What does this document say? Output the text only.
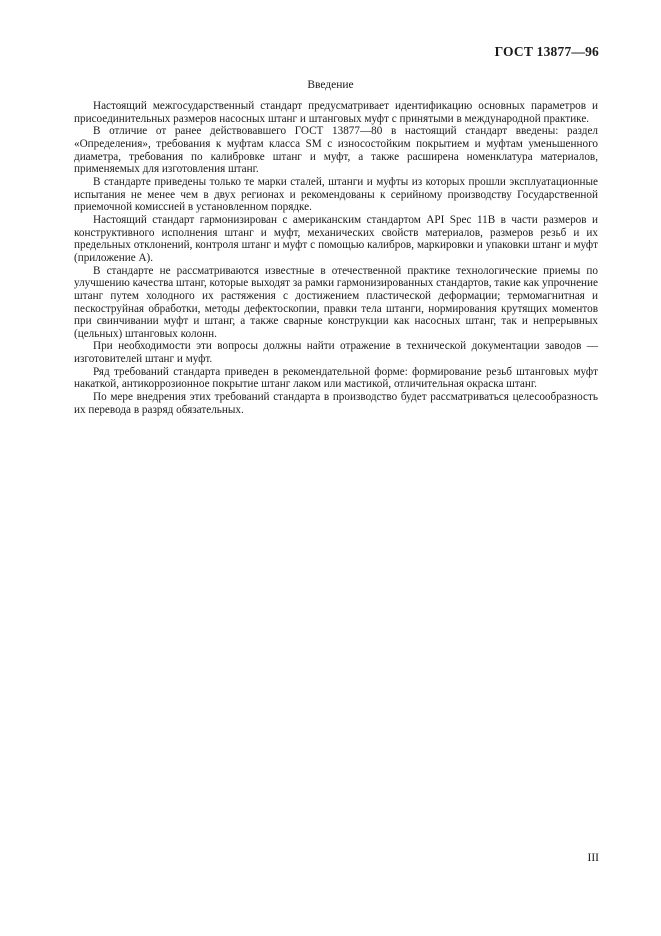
ГОСТ 13877—96
Введение

Настоящий межгосударственный стандарт предусматривает идентификацию основных параметров и присоединительных размеров насосных штанг и штанговых муфт с принятыми в международной практике.

В отличие от ранее действовавшего ГОСТ 13877—80 в настоящий стандарт введены: раздел «Определения», требования к муфтам класса SM с износостойким покрытием и муфтам уменьшенного диаметра, требования по калибровке штанг и муфт, а также расширена номенклатура материалов, применяемых для изготовления штанг.

В стандарте приведены только те марки сталей, штанги и муфты из которых прошли эксплуатационные испытания не менее чем в двух регионах и рекомендованы к серийному производству Государственной приемочной комиссией в установленном порядке.

Настоящий стандарт гармонизирован с американским стандартом API Spec 11B в части размеров и конструктивного исполнения штанг и муфт, механических свойств материалов, размеров резьб и их предельных отклонений, контроля штанг и муфт с помощью калибров, маркировки и упаковки штанг и муфт (приложение А).

В стандарте не рассматриваются известные в отечественной практике технологические приемы по улучшению качества штанг, которые выходят за рамки гармонизированных стандартов, такие как упрочнение штанг путем холодного их растяжения с достижением пластической деформации; термомагнитная и пескоструйная обработки, методы дефектоскопии, правки тела штанги, нормирования крутящих моментов при свинчивании муфт и штанг, а также сварные конструкции как насосных штанг, так и непрерывных (цельных) штанговых колонн.

При необходимости эти вопросы должны найти отражение в технической документации заводов — изготовителей штанг и муфт.

Ряд требований стандарта приведен в рекомендательной форме: формирование резьб штанговых муфт накаткой, антикоррозионное покрытие штанг лаком или мастикой, отличительная окраска штанг.

По мере внедрения этих требований стандарта в производство будет рассматриваться целесообразность их перевода в разряд обязательных.

III
